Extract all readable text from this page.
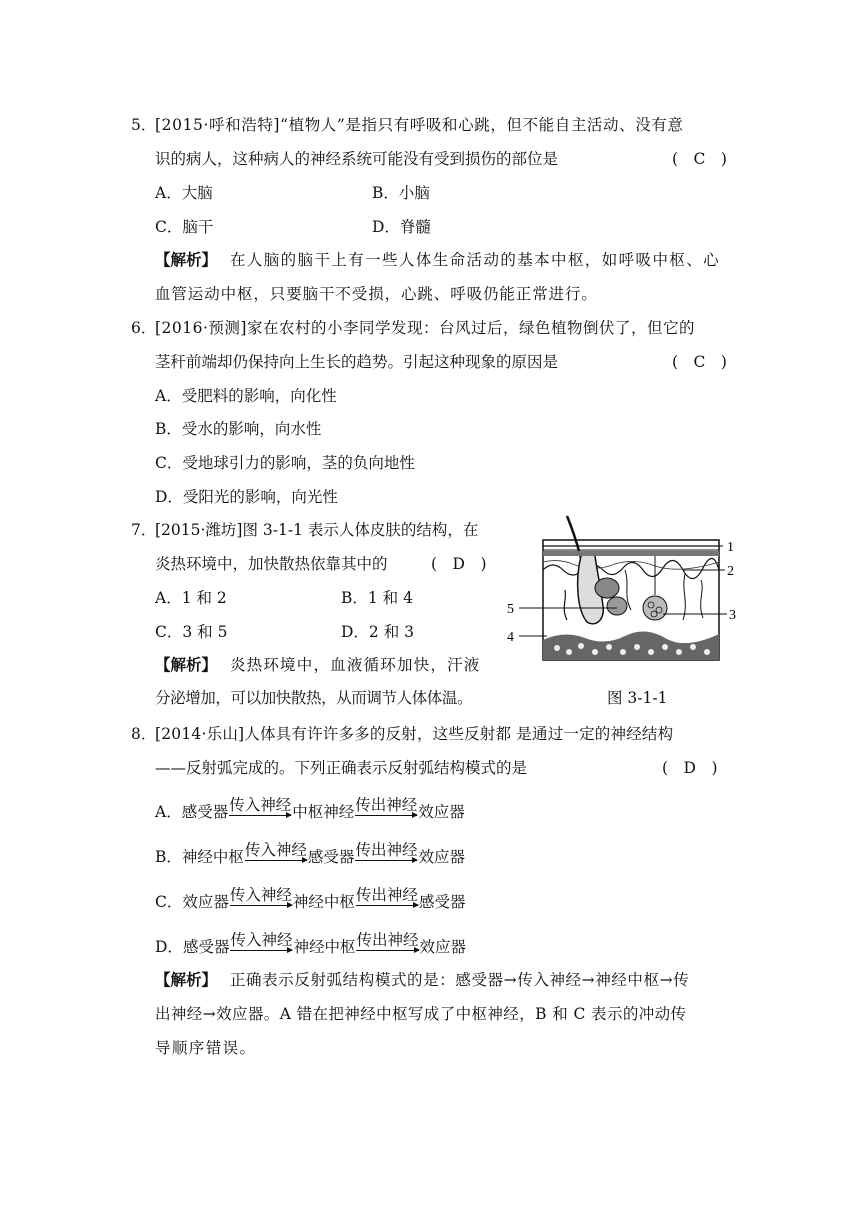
5．
[2015·呼和浩特]“植物人”是指只有呼吸和心跳，但不能自主活动、没有意
识的病人，这种病人的神经系统可能没有受到损伤的部位是	(　C　)
A．大脑	B．小脑
C．脑干	D．脊髓
【解析】 在人脑的脑干上有一些人体生命活动的基本中枢，如呼吸中枢、心
血管运动中枢，只要脑干不受损，心跳、呼吸仍能正常进行。
6．
[2016·预测]家在农村的小李同学发现：台风过后，绿色植物倒伏了，但它的
茎秆前端却仍保持向上生长的趋势。引起这种现象的原因是	(　C　)
A．受肥料的影响，向化性
B．受水的影响，向水性
C．受地球引力的影响，茎的负向地性
D．受阳光的影响，向光性
7．
[2015·潍坊]图 3-1-1 表示人体皮肤的结构，在
炎热环境中，加快散热依靠其中的	(　D　)
A．1 和 2	B．1 和 4
C．3 和 5	D．2 和 3
【解析】 炎热环境中，血液循环加快，汗液
分泌增加，可以加快散热，从而调节人体体温。
1
2
3
4
5
图 3-1-1
8．
[2014·乐山]人体具有许许多多的反射，这些反射都 是通过一定的神经结构
——反射弧完成的。下列正确表示反射弧结构模式的是	(　D　)
A．感受器 传入神经 中枢神经 传出神经 效应器
B．神经中枢 传入神经 感受器 传出神经 效应器
C．效应器 传入神经 神经中枢 传出神经 感受器
D．感受器 传入神经 神经中枢 传出神经 效应器
【解析】 正确表示反射弧结构模式的是：感受器→传入神经→神经中枢→传
出神经→效应器。A 错在把神经中枢写成了中枢神经，B 和 C 表示的冲动传
导顺序错误。
